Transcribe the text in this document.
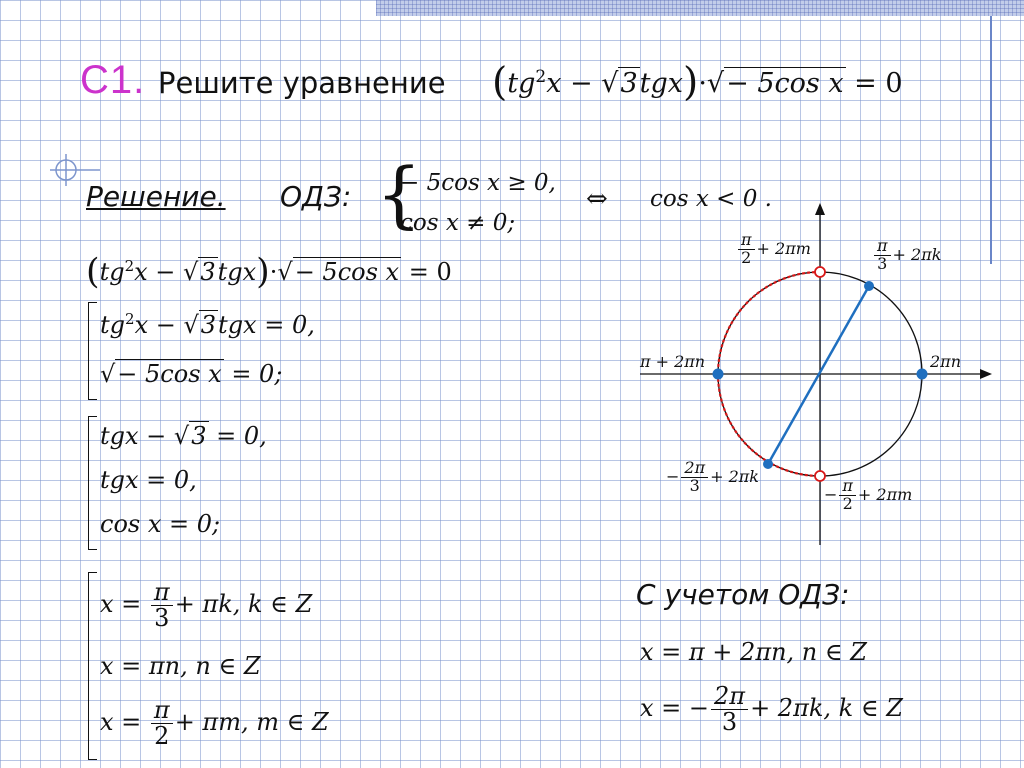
С1. Решите уравнение $(tg^2x - √3tgx)\cdot√- 5\cos$ x = 0
Решение. ОДЗ: {
− 5cos x ≥ 0,
cos x ≠ 0;
⇔ cos x < 0 .
$(tg^2x - √3tgx)\cdot√- 5\cos$ x = 0
$tg^2x - √3tgx = 0$,
√− 5cos x = 0;
tgx − √3 = 0,
tgx = 0,
cos x = 0;
$x = \frac{\pi}{3} + \pi k$, k ∈ Z
x = πn, n ∈ Z
$x = \frac{\pi}{2} + \pi m$, m ∈ Z
С учетом ОДЗ:
x = π + 2πn, n ∈ Z
x = − $\frac{2\pi}{3} + 2\pi k$, k ∈ Z
$\frac{\pi}{2} + 2\pi m$	$\frac{\pi}{3} + 2\pi k$
2πn
π + 2πn
− $\frac{2\pi}{3} + 2\pi k$
− $\frac{\pi}{2} + 2\pi m$
